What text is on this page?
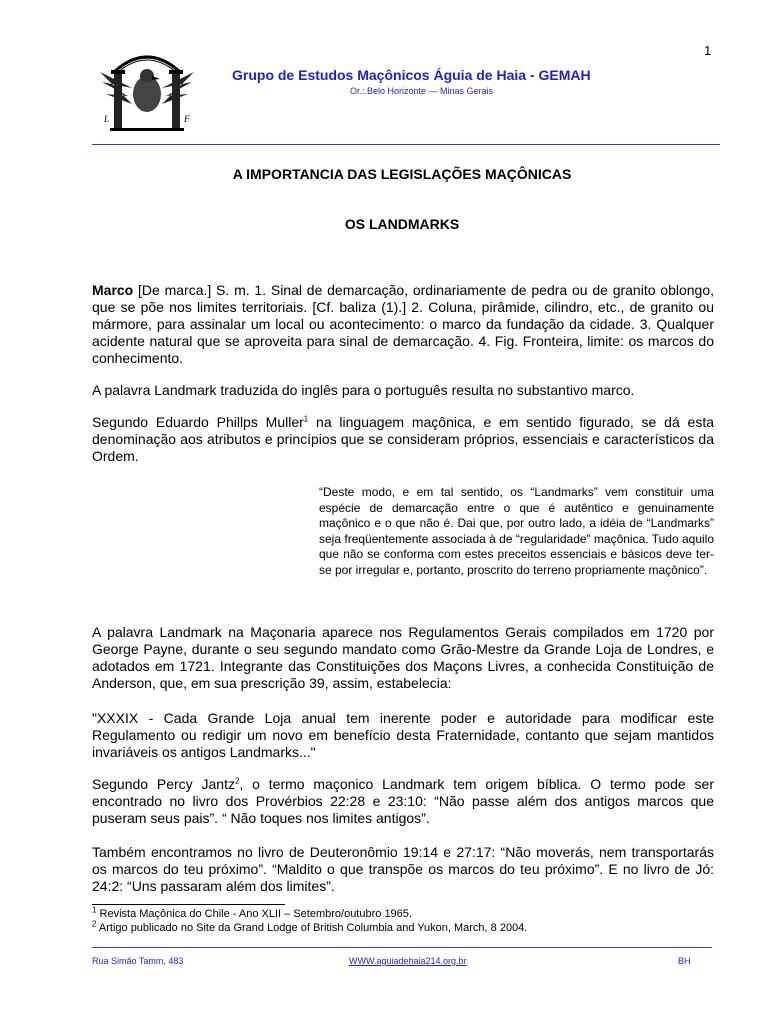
1
L	F
Grupo de Estudos Maçônicos Águia de Haia - GEMAH
Or.:.Belo Horizonte — Minas Gerais
A IMPORTANCIA DAS LEGISLAÇÕES MAÇÔNICAS
OS LANDMARKS
Marco [De marca.] S. m. 1. Sinal de demarcação, ordinariamente de pedra ou de granito oblongo, que se põe nos limites territoriais. [Cf. baliza (1).] 2. Coluna, pirâmide, cilindro, etc., de granito ou mármore, para assinalar um local ou acontecimento: o marco da fundação da cidade. 3. Qualquer acidente natural que se aproveita para sinal de demarcação. 4. Fig. Fronteira, limite: os marcos do conhecimento.
A palavra Landmark traduzida do inglês para o português resulta no substantivo marco.
Segundo Eduardo Phillps Muller$^1$ na linguagem maçônica, e em sentido figurado, se dá esta denominação aos atributos e princípios que se consideram próprios, essenciais e característicos da Ordem.
“Deste modo, e em tal sentido, os “Landmarks” vem constituir uma espécie de demarcação entre o que é autêntico e genuinamente maçônico e o que não é. Dai que, por outro lado, a idéia de “Landmarks” seja freqüentemente associada à de “regularidade” maçônica. Tudo aquilo que não se conforma com estes preceitos essenciais e básicos deve ter-se por irregular e, portanto, proscrito do terreno propriamente maçônico”.
A palavra Landmark na Maçonaria aparece nos Regulamentos Gerais compilados em 1720 por George Payne, durante o seu segundo mandato como Grão-Mestre da Grande Loja de Londres, e adotados em 1721. Integrante das Constituições dos Maçons Livres, a conhecida Constituição de Anderson, que, em sua prescrição 39, assim, estabelecia:
"XXXIX - Cada Grande Loja anual tem inerente poder e autoridade para modificar este Regulamento ou redigir um novo em benefício desta Fraternidade, contanto que sejam mantidos invariáveis os antigos Landmarks..."
Segundo Percy Jantz$^2$, o termo maçonico Landmark tem origem bíblica. O termo pode ser encontrado no livro dos Provérbios 22:28 e 23:10: “Não passe além dos antigos marcos que puseram seus pais”. “ Não toques nos limites antigos”.
Também encontramos no livro de Deuteronômio 19:14 e 27:17: “Não moverás, nem transportarás os marcos do teu próximo”. “Maldito o que transpõe os marcos do teu próximo”. E no livro de Jó: 24:2: “Uns passaram além dos limites”.
$^1$ Revista Maçônica do Chile - Ano XLII – Setembro/outubro 1965.
$^2$ Artigo publicado no Site da Grand Lodge of British Columbia and Yukon, March, 8 2004.
Rua Simão Tamm, 483	WWW.aguiadehaia214.org.br	BH
